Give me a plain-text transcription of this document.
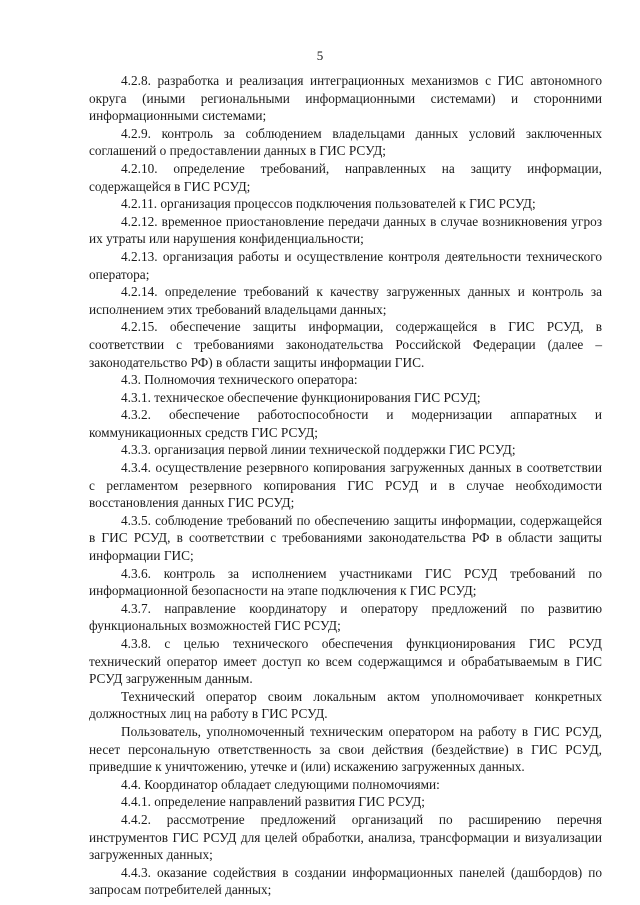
5

4.2.8. разработка и реализация интеграционных механизмов с ГИС автономного округа (иными региональными информационными системами) и сторонними информационными системами;

4.2.9. контроль за соблюдением владельцами данных условий заключенных соглашений о предоставлении данных в ГИС РСУД;

4.2.10. определение требований, направленных на защиту информации, содержащейся в ГИС РСУД;

4.2.11. организация процессов подключения пользователей к ГИС РСУД;

4.2.12. временное приостановление передачи данных в случае возникновения угроз их утраты или нарушения конфиденциальности;

4.2.13. организация работы и осуществление контроля деятельности технического оператора;

4.2.14. определение требований к качеству загруженных данных и контроль за исполнением этих требований владельцами данных;

4.2.15. обеспечение защиты информации, содержащейся в ГИС РСУД, в соответствии с требованиями законодательства Российской Федерации (далее – законодательство РФ) в области защиты информации ГИС.

4.3. Полномочия технического оператора:

4.3.1. техническое обеспечение функционирования ГИС РСУД;

4.3.2. обеспечение работоспособности и модернизации аппаратных и коммуникационных средств ГИС РСУД;

4.3.3. организация первой линии технической поддержки ГИС РСУД;

4.3.4. осуществление резервного копирования загруженных данных в соответствии с регламентом резервного копирования ГИС РСУД и в случае необходимости восстановления данных ГИС РСУД;

4.3.5. соблюдение требований по обеспечению защиты информации, содержащейся в ГИС РСУД, в соответствии с требованиями законодательства РФ в области защиты информации ГИС;

4.3.6. контроль за исполнением участниками ГИС РСУД требований по информационной безопасности на этапе подключения к ГИС РСУД;

4.3.7. направление координатору и оператору предложений по развитию функциональных возможностей ГИС РСУД;

4.3.8. с целью технического обеспечения функционирования ГИС РСУД технический оператор имеет доступ ко всем содержащимся и обрабатываемым в ГИС РСУД загруженным данным.

Технический оператор своим локальным актом уполномочивает конкретных должностных лиц на работу в ГИС РСУД.

Пользователь, уполномоченный техническим оператором на работу в ГИС РСУД, несет персональную ответственность за свои действия (бездействие) в ГИС РСУД, приведшие к уничтожению, утечке и (или) искажению загруженных данных.

4.4. Координатор обладает следующими полномочиями:

4.4.1. определение направлений развития ГИС РСУД;

4.4.2. рассмотрение предложений организаций по расширению перечня инструментов ГИС РСУД для целей обработки, анализа, трансформации и визуализации загруженных данных;

4.4.3. оказание содействия в создании информационных панелей (дашбордов) по запросам потребителей данных;
